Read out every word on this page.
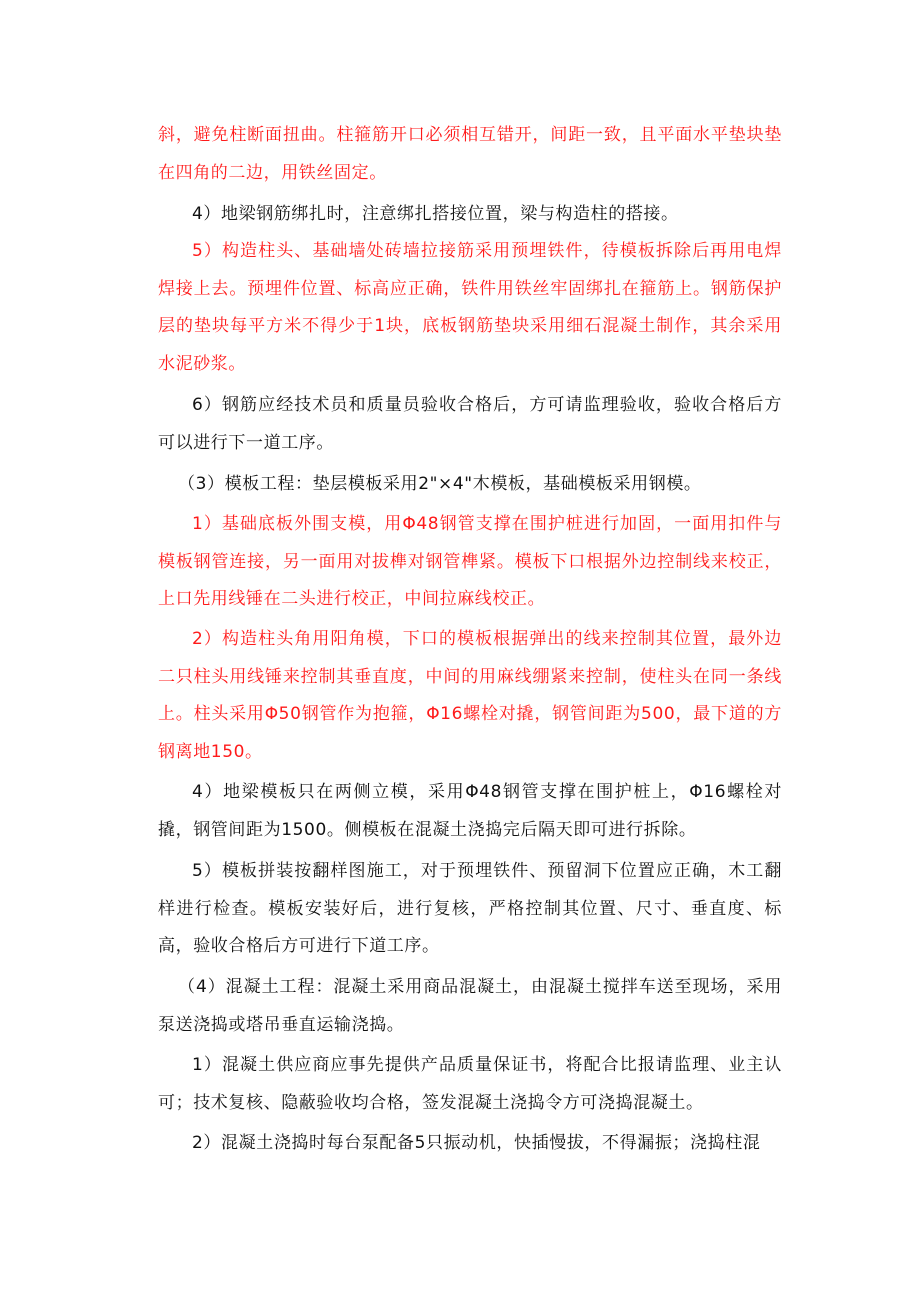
斜，避免柱断面扭曲。柱箍筋开口必须相互错开，间距一致，且平面水平垫块垫在四角的二边，用铁丝固定。

4）地梁钢筋绑扎时，注意绑扎搭接位置，梁与构造柱的搭接。

5）构造柱头、基础墙处砖墙拉接筋采用预埋铁件，待模板拆除后再用电焊焊接上去。预埋件位置、标高应正确，铁件用铁丝牢固绑扎在箍筋上。钢筋保护层的垫块每平方米不得少于1块，底板钢筋垫块采用细石混凝土制作，其余采用水泥砂浆。

6）钢筋应经技术员和质量员验收合格后，方可请监理验收，验收合格后方可以进行下一道工序。

（3）模板工程：垫层模板采用2"×4"木模板，基础模板采用钢模。

1）基础底板外围支模，用Φ48钢管支撑在围护桩进行加固，一面用扣件与模板钢管连接，另一面用对拔榫对钢管榫紧。模板下口根据外边控制线来校正，上口先用线锤在二头进行校正，中间拉麻线校正。

2）构造柱头角用阳角模，下口的模板根据弹出的线来控制其位置，最外边二只柱头用线锤来控制其垂直度，中间的用麻线绷紧来控制，使柱头在同一条线上。柱头采用Φ50钢管作为抱箍，Φ16螺栓对撬，钢管间距为500，最下道的方钢离地150。

4）地梁模板只在两侧立模，采用Φ48钢管支撑在围护桩上，Φ16螺栓对撬，钢管间距为1500。侧模板在混凝土浇捣完后隔天即可进行拆除。

5）模板拼装按翻样图施工，对于预埋铁件、预留洞下位置应正确，木工翻样进行检查。模板安装好后，进行复核，严格控制其位置、尺寸、垂直度、标高，验收合格后方可进行下道工序。

（4）混凝土工程：混凝土采用商品混凝土，由混凝土搅拌车送至现场，采用泵送浇捣或塔吊垂直运输浇捣。

1）混凝土供应商应事先提供产品质量保证书，将配合比报请监理、业主认可；技术复核、隐蔽验收均合格，签发混凝土浇捣令方可浇捣混凝土。

2）混凝土浇捣时每台泵配备5只振动机，快插慢拔，不得漏振；浇捣柱混
